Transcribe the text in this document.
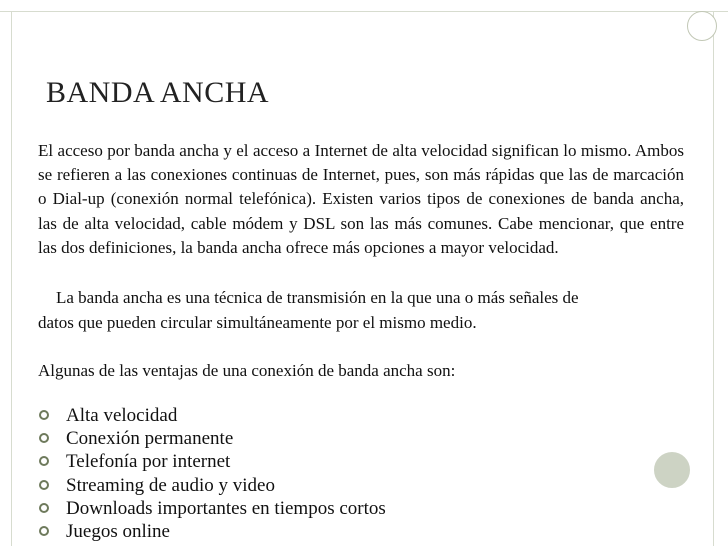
BANDA ANCHA

El acceso por banda ancha y el acceso a Internet de alta velocidad significan lo mismo. Ambos se refieren a las conexiones continuas de Internet, pues, son más rápidas que las de marcación o Dial-up (conexión normal telefónica). Existen varios tipos de conexiones de banda ancha, las de alta velocidad, cable módem y DSL son las más comunes. Cabe mencionar, que entre las dos definiciones, la banda ancha ofrece más opciones a mayor velocidad.

La banda ancha es una técnica de transmisión en la que una o más señales de
datos que pueden circular simultáneamente por el mismo medio.

Algunas de las ventajas de una conexión de banda ancha son:

Alta velocidad
Conexión permanente
Telefonía por internet
Streaming de audio y video
Downloads importantes en tiempos cortos
Juegos online
